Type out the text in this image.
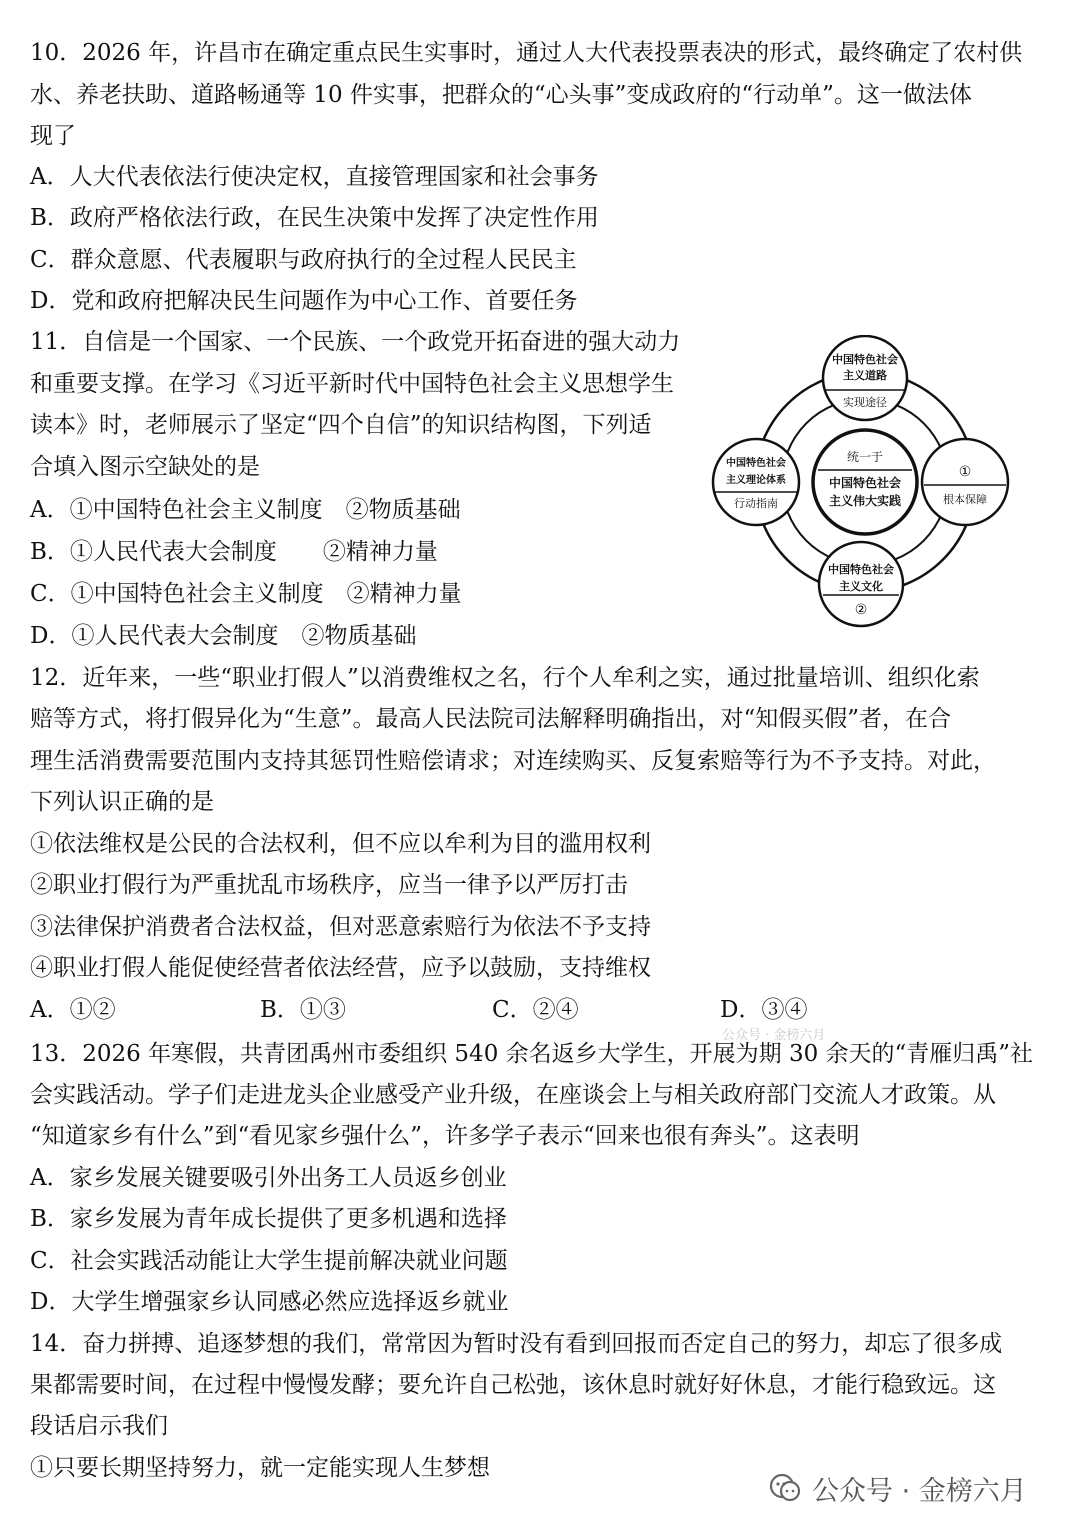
10．2026 年，许昌市在确定重点民生实事时，通过人大代表投票表决的形式，最终确定了农村供
水、养老扶助、道路畅通等 10 件实事，把群众的“心头事”变成政府的“行动单”。这一做法体
现了
A．人大代表依法行使决定权，直接管理国家和社会事务
B．政府严格依法行政，在民生决策中发挥了决定性作用
C．群众意愿、代表履职与政府执行的全过程人民民主
D．党和政府把解决民生问题作为中心工作、首要任务
11．自信是一个国家、一个民族、一个政党开拓奋进的强大动力
和重要支撑。在学习《习近平新时代中国特色社会主义思想学生
读本》时，老师展示了坚定“四个自信”的知识结构图，下列适
合填入图示空缺处的是
A．①中国特色社会主义制度　②物质基础
B．①人民代表大会制度　　②精神力量
C．①中国特色社会主义制度　②精神力量
D．①人民代表大会制度　②物质基础
统一于
中国特色社会
主义伟大实践
中国特色社会
主义道路
实现途径
中国特色社会
主义理论体系
行动指南
①
根本保障
中国特色社会
主义文化
②
12．近年来，一些“职业打假人”以消费维权之名，行个人牟利之实，通过批量培训、组织化索
赔等方式，将打假异化为“生意”。最高人民法院司法解释明确指出，对“知假买假”者，在合
理生活消费需要范围内支持其惩罚性赔偿请求；对连续购买、反复索赔等行为不予支持。对此，
下列认识正确的是
①依法维权是公民的合法权利，但不应以牟利为目的滥用权利
②职业打假行为严重扰乱市场秩序，应当一律予以严厉打击
③法律保护消费者合法权益，但对恶意索赔行为依法不予支持
④职业打假人能促使经营者依法经营，应予以鼓励，支持维权
A．①②	B．①③	C．②④	D．③④
公众号 · 金榜六月
13．2026 年寒假，共青团禹州市委组织 540 余名返乡大学生，开展为期 30 余天的“青雁归禹”社
会实践活动。学子们走进龙头企业感受产业升级，在座谈会上与相关政府部门交流人才政策。从
“知道家乡有什么”到“看见家乡强什么”，许多学子表示“回来也很有奔头”。这表明
A．家乡发展关键要吸引外出务工人员返乡创业
B．家乡发展为青年成长提供了更多机遇和选择
C．社会实践活动能让大学生提前解决就业问题
D．大学生增强家乡认同感必然应选择返乡就业
14．奋力拼搏、追逐梦想的我们，常常因为暂时没有看到回报而否定自己的努力，却忘了很多成
果都需要时间，在过程中慢慢发酵；要允许自己松弛，该休息时就好好休息，才能行稳致远。这
段话启示我们
①只要长期坚持努力，就一定能实现人生梦想
公众号 · 金榜六月
